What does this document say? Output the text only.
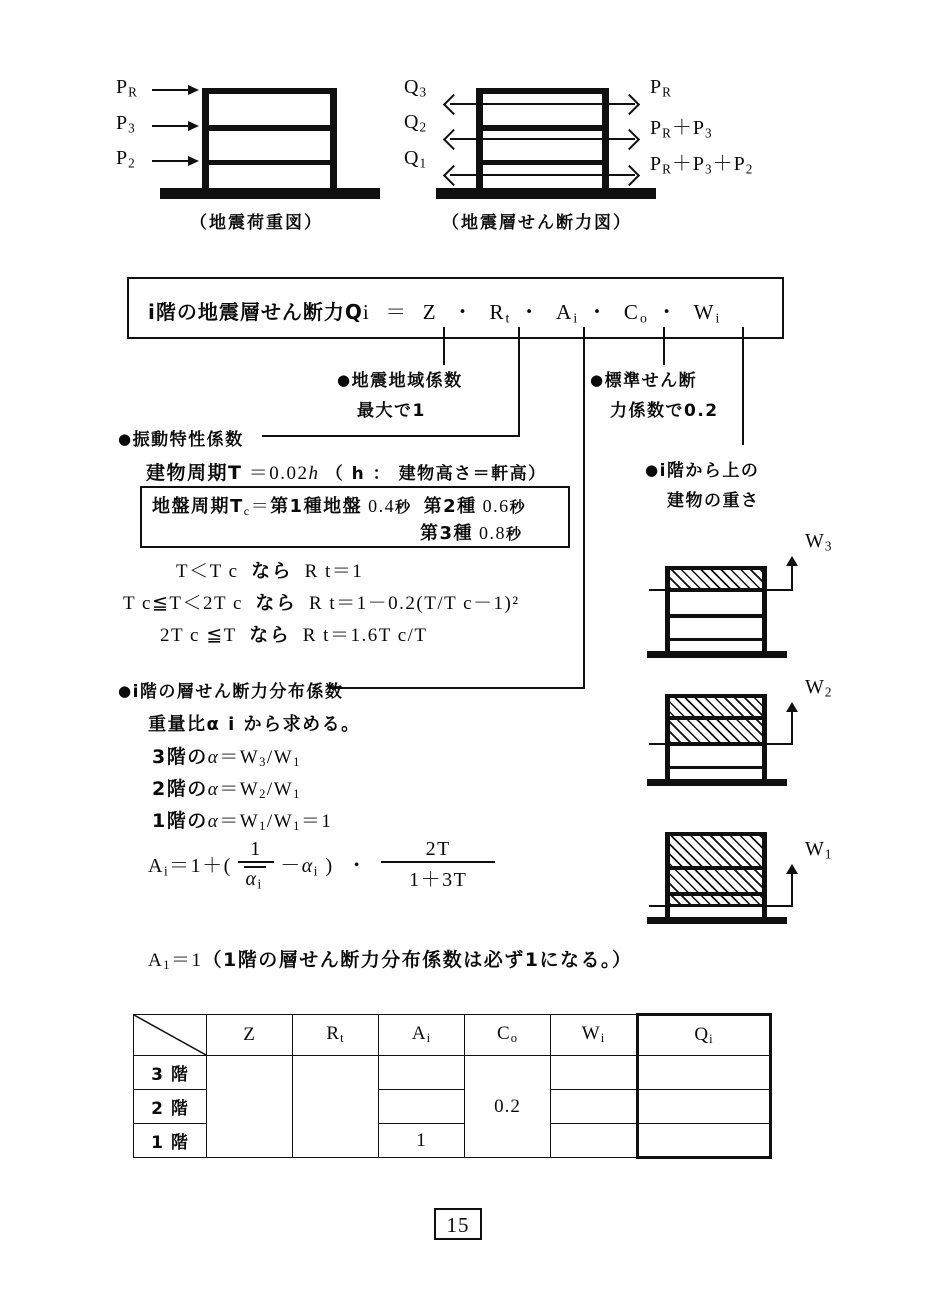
$P_R$
$P_3$
$P_2$
（地震荷重図）
$Q_3$
$Q_2$
$Q_1$
$P_R$
$P_R+P_3$
$P_R+P_3+P_2$
（地震層せん断力図）
i階の地震層せん断力Qi  ＝  Z  ・  $R_t$ ・  $A_i$ ・  $C_o$ ・  $W_i$
●地震地域係数
最大で1
●標準せん断
力係数で0.2
●振動特性係数
建物周期T ＝0.02h （ h ： 建物高さ＝軒高）
地盤周期$T_c=$第1種地盤 0.4秒 第2種 0.6秒
第3種 0.8秒
T＜T c なら R t＝1
T c≦T＜2T c なら R t＝1－0.2(T/T c－1)²
2T c ≦T なら R t＝1.6T c/T
●i階の層せん断力分布係数
重量比α i から求める。
3階の$\alpha=W_3/W_1$
2階の$\alpha=W_2/W_1$
1階の$\alpha=W_1/W_1=1$
$A_i=1+( \frac{1}{\alpha_i} -\alpha_i$ )  ・ $\frac{2T}{1+3T}$
$A_1=1(1$階の層せん断力分布係数は必ず1になる。）
●i階から上の
建物の重さ
$W_3$
$W_2$
$W_1$
	Z	$R_t$	$A_i$	$C_o$	$W_i$	$Q_i$
3 階				0.2		
2 階						
1 階			1			
15
